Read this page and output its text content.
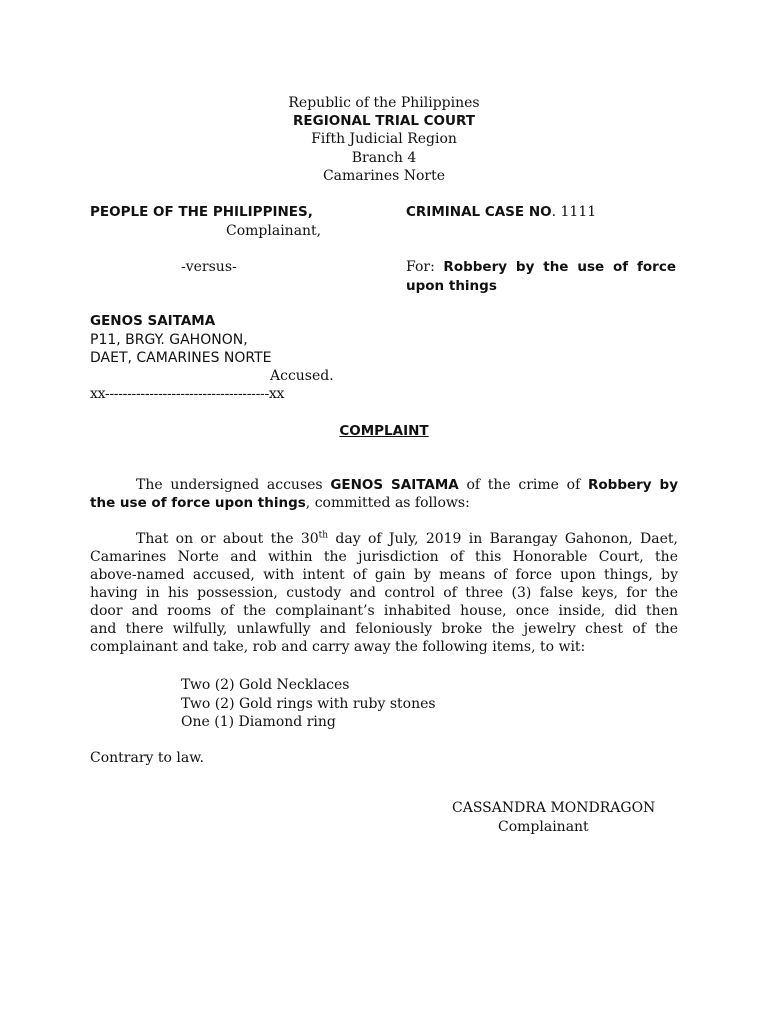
Republic of the Philippines
REGIONAL TRIAL COURT
Fifth Judicial Region
Branch 4
Camarines Norte
PEOPLE OF THE PHILIPPINES,
Complainant,
-versus-
CRIMINAL CASE NO. 1111
For: Robbery by the use of force
upon things
GENOS SAITAMA
P11, BRGY. GAHONON,
DAET, CAMARINES NORTE
Accused.
xx-------------------------------------xx
COMPLAINT
The undersigned accuses GENOS SAITAMA of the crime of Robbery by
the use of force upon things, committed as follows:
That on or about the 30th day of July, 2019 in Barangay Gahonon, Daet,
Camarines Norte and within the jurisdiction of this Honorable Court, the
above-named accused, with intent of gain by means of force upon things, by
having in his possession, custody and control of three (3) false keys, for the
door and rooms of the complainant’s inhabited house, once inside, did then
and there wilfully, unlawfully and feloniously broke the jewelry chest of the
complainant and take, rob and carry away the following items, to wit:
Two (2) Gold Necklaces
Two (2) Gold rings with ruby stones
One (1) Diamond ring
Contrary to law.
CASSANDRA MONDRAGON
Complainant
